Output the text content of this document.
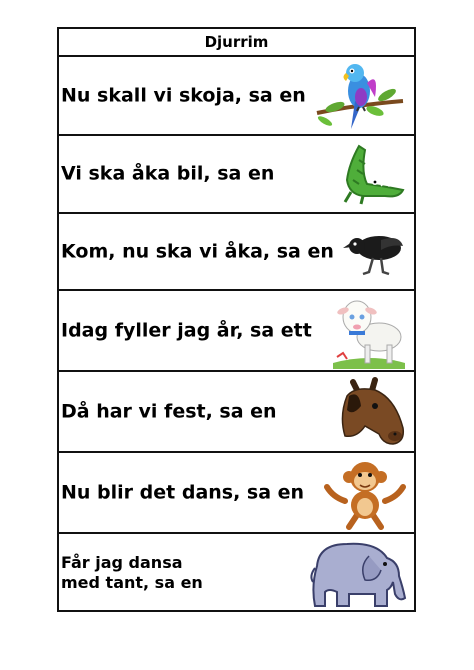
Djurrim
Nu skall vi skoja, sa en
Vi ska åka bil, sa en
Kom, nu ska vi åka, sa en
Idag fyller jag år, sa ett
Då har vi fest, sa en
Nu blir det dans, sa en
Får jag dansa
med tant, sa en
